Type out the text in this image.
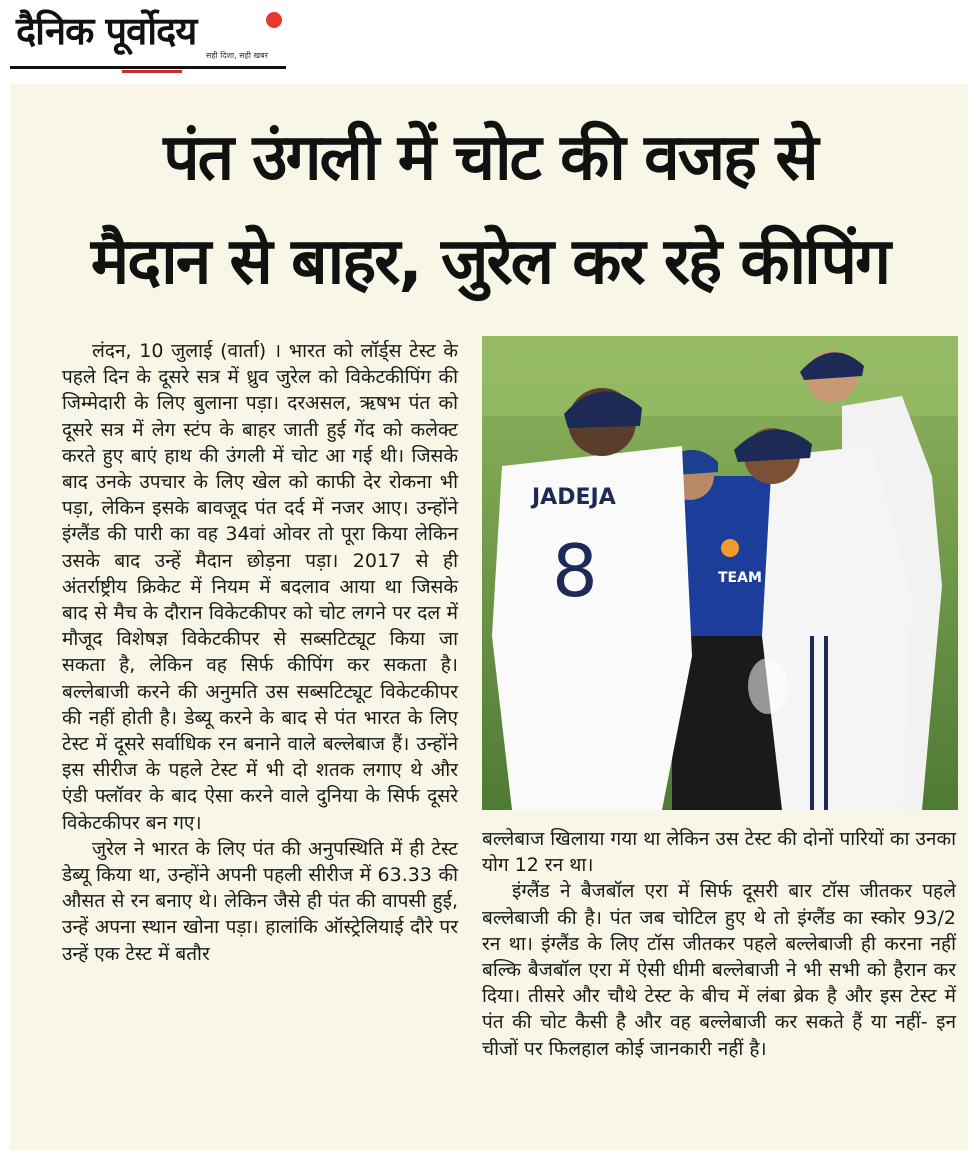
दैनिक पूर्वोदय
सही दिशा, सही खबर
पंत उंगली में चोट की वजह से
मैदान से बाहर, जुरेल कर रहे कीपिंग

लंदन, 10 जुलाई (वार्ता) । भारत को लॉर्ड्स टेस्ट के पहले दिन के दूसरे सत्र में ध्रुव जुरेल को विकेटकीपिंग की जिम्मेदारी के लिए बुलाना पड़ा। दरअसल, ऋषभ पंत को दूसरे सत्र में लेग स्टंप के बाहर जाती हुई गेंद को कलेक्ट करते हुए बाएं हाथ की उंगली में चोट आ गई थी। जिसके बाद उनके उपचार के लिए खेल को काफी देर रोकना भी पड़ा, लेकिन इसके बावजूद पंत दर्द में नजर आए। उन्होंने इंग्लैंड की पारी का वह 34वां ओवर तो पूरा किया लेकिन उसके बाद उन्हें मैदान छोड़ना पड़ा। 2017 से ही अंतर्राष्ट्रीय क्रिकेट में नियम में बदलाव आया था जिसके बाद से मैच के दौरान विकेटकीपर को चोट लगने पर दल में मौजूद विशेषज्ञ विकेटकीपर से सब्सटिट्यूट किया जा सकता है, लेकिन वह सिर्फ कीपिंग कर सकता है। बल्लेबाजी करने की अनुमति उस सब्सटिट्यूट विकेटकीपर की नहीं होती है। डेब्यू करने के बाद से पंत भारत के लिए टेस्ट में दूसरे सर्वाधिक रन बनाने वाले बल्लेबाज हैं। उन्होंने इस सीरीज के पहले टेस्ट में भी दो शतक लगाए थे और एंडी फ्लॉवर के बाद ऐसा करने वाले दुनिया के सिर्फ दूसरे विकेटकीपर बन गए।

जुरेल ने भारत के लिए पंत की अनुपस्थिति में ही टेस्ट डेब्यू किया था, उन्होंने अपनी पहली सीरीज में 63.33 की औसत से रन बनाए थे। लेकिन जैसे ही पंत की वापसी हुई, उन्हें अपना स्थान खोना पड़ा। हालांकि ऑस्ट्रेलियाई दौरे पर उन्हें एक टेस्ट में बतौर

TEAM
JADEJA
8

बल्लेबाज खिलाया गया था लेकिन उस टेस्ट की दोनों पारियों का उनका योग 12 रन था।

इंग्लैंड ने बैजबॉल एरा में सिर्फ दूसरी बार टॉस जीतकर पहले बल्लेबाजी की है। पंत जब चोटिल हुए थे तो इंग्लैंड का स्कोर 93/2 रन था। इंग्लैंड के लिए टॉस जीतकर पहले बल्लेबाजी ही करना नहीं बल्कि बैजबॉल एरा में ऐसी धीमी बल्लेबाजी ने भी सभी को हैरान कर दिया। तीसरे और चौथे टेस्ट के बीच में लंबा ब्रेक है और इस टेस्ट में पंत की चोट कैसी है और वह बल्लेबाजी कर सकते हैं या नहीं- इन चीजों पर फिलहाल कोई जानकारी नहीं है।
